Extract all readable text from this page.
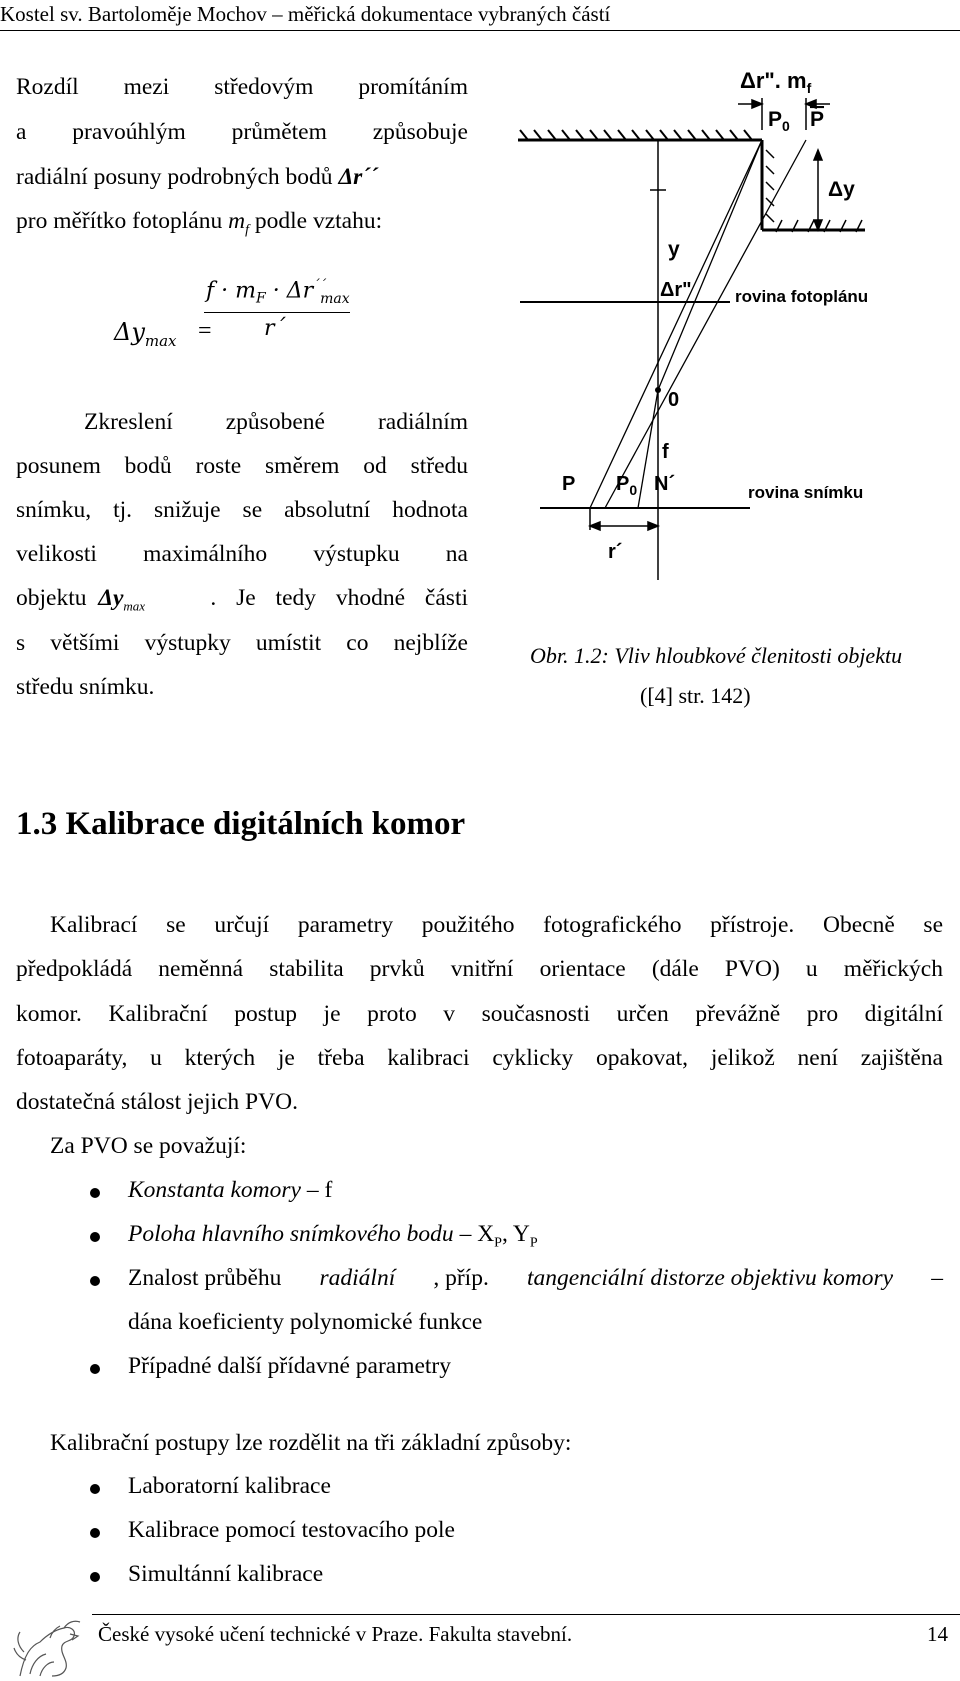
Kostel sv. Bartoloměje Mochov – měřická dokumentace vybraných částí
Rozdíl mezi středovým promítáním
a pravoúhlým průmětem způsobuje
radiální posuny podrobných bodů Δr´´
pro měřítko fotoplánu $m_f$ podle vztahu:
$\Delta y_{max}$ =
$f \cdot m_F \cdot \Delta r^{´´}_{max}$
r´
Zkreslení způsobené radiálním
posunem bodů roste směrem od středu
snímku, tj. snižuje se absolutní hodnota
velikosti maximálního výstupku na
objektu $\Delta y_{max}$	. Je tedy vhodné části
s většími výstupky umístit co nejblíže
středu snímku.
Δr". $m_f$
$P_0$ P
Δy
y
Δr"	rovina fotoplánu
0
f
P $P_0$ N´	rovina snímku
r´
Obr. 1.2: Vliv hloubkové členitosti objektu
([4] str. 142)
1.3 Kalibrace digitálních komor
Kalibrací se určují parametry použitého fotografického přístroje. Obecně se
předpokládá neměnná stabilita prvků vnitřní orientace (dále PVO) u měřických
komor. Kalibrační postup je proto v současnosti určen převážně pro digitální
fotoaparáty, u kterých je třeba kalibraci cyklicky opakovat, jelikož není zajištěna
dostatečná stálost jejich PVO.
Za PVO se považují:
Konstanta komory – f
Poloha hlavního snímkového bodu – $X_P$, $Y_P$
Znalost průběhu radiální , příp. tangenciální distorze objektivu komory –
dána koeficienty polynomické funkce
Případné další přídavné parametry
Kalibrační postupy lze rozdělit na tři základní způsoby:
Laboratorní kalibrace
Kalibrace pomocí testovacího pole
Simultánní kalibrace
České vysoké učení technické v Praze. Fakulta stavební.	14
